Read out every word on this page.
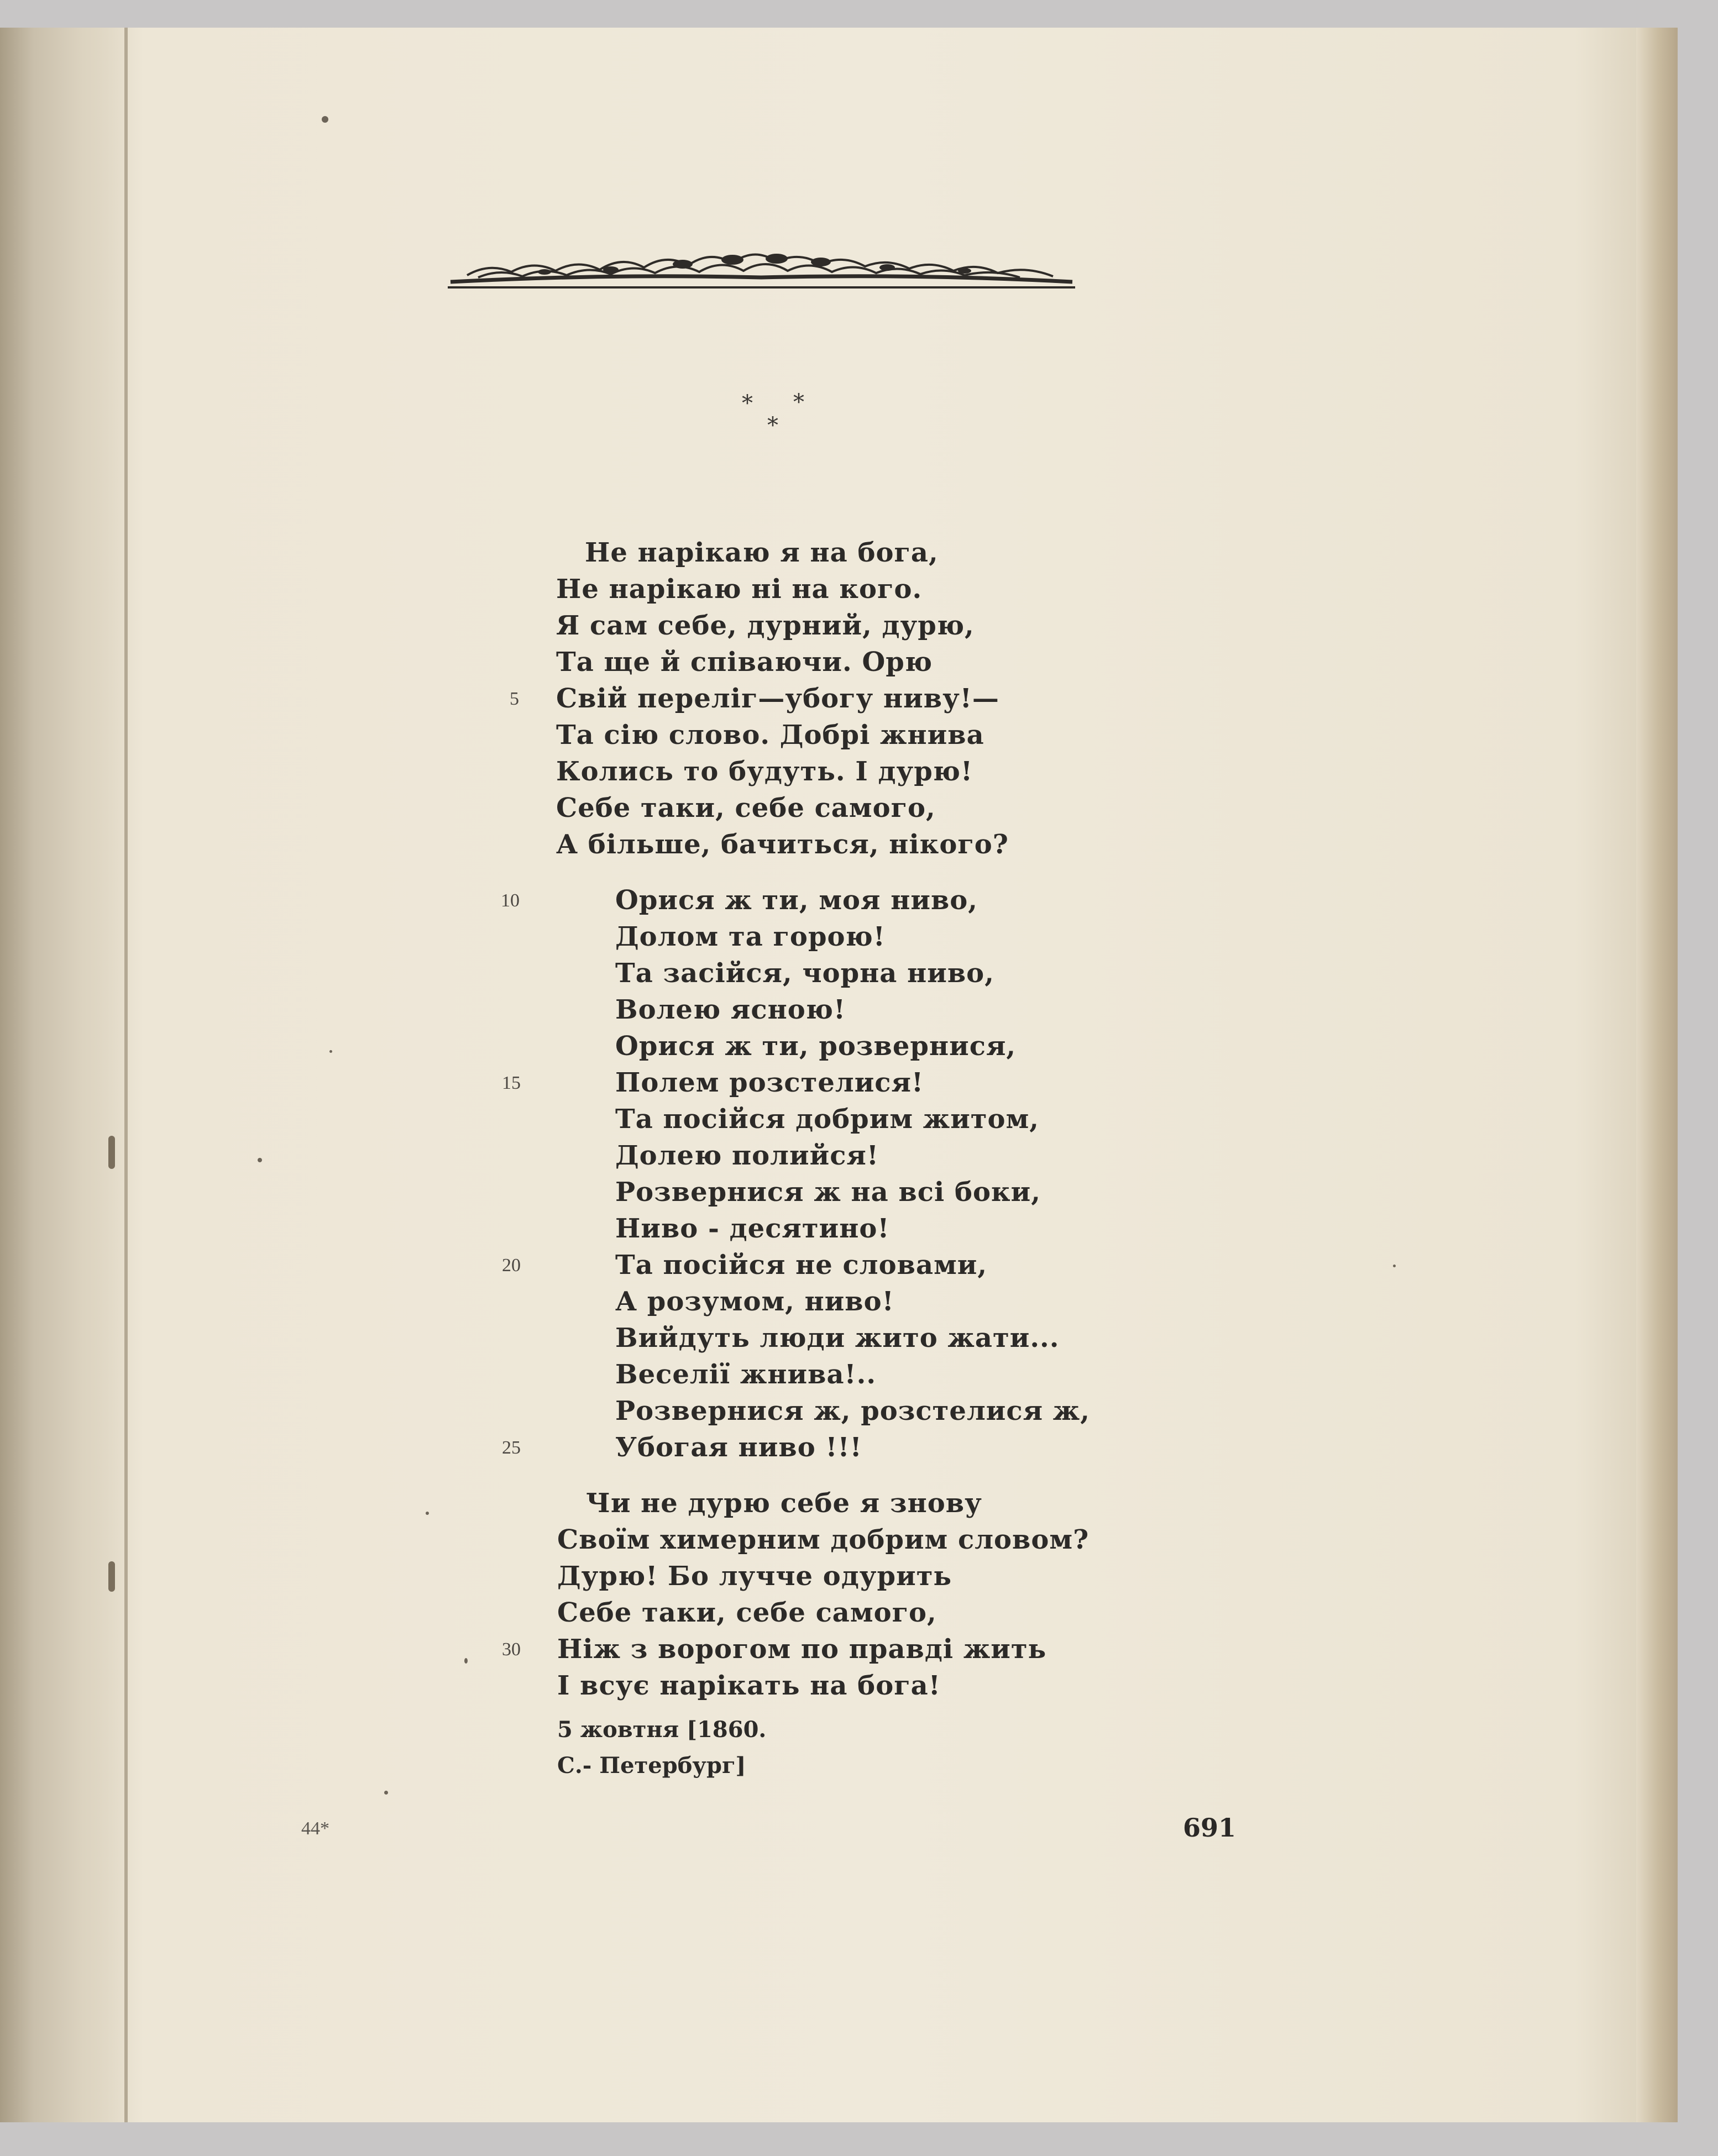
* *
*
Не нарікаю я на бога,
Не нарікаю ні на кого.
Я сам себе, дурний, дурю,
Та ще й співаючи. Орю
Свій переліг—убогу ниву!—
Та сію слово. Добрі жнива
Колись то будуть. І дурю!
Себе таки, себе самого,
А більше, бачиться, нікого?
Орися ж ти, моя ниво,
Долом та горою!
Та засійся, чорна ниво,
Волею ясною!
Орися ж ти, розвернися,
Полем розстелися!
Та посійся добрим житом,
Долею полийся!
Розвернися ж на всі боки,
Ниво - десятино!
Та посійся не словами,
А розумом, ниво!
Вийдуть люди жито жати...
Веселії жнива!..
Розвернися ж, розстелися ж,
Убогая ниво !!!
Чи не дурю себе я знову
Своїм химерним добрим словом?
Дурю! Бо лучче одурить
Себе таки, себе самого,
Ніж з ворогом по правді жить
І всує нарікать на бога!
5
10
15
20
25
30
5 жовтня [1860.
С.- Петербург]
44*	691
